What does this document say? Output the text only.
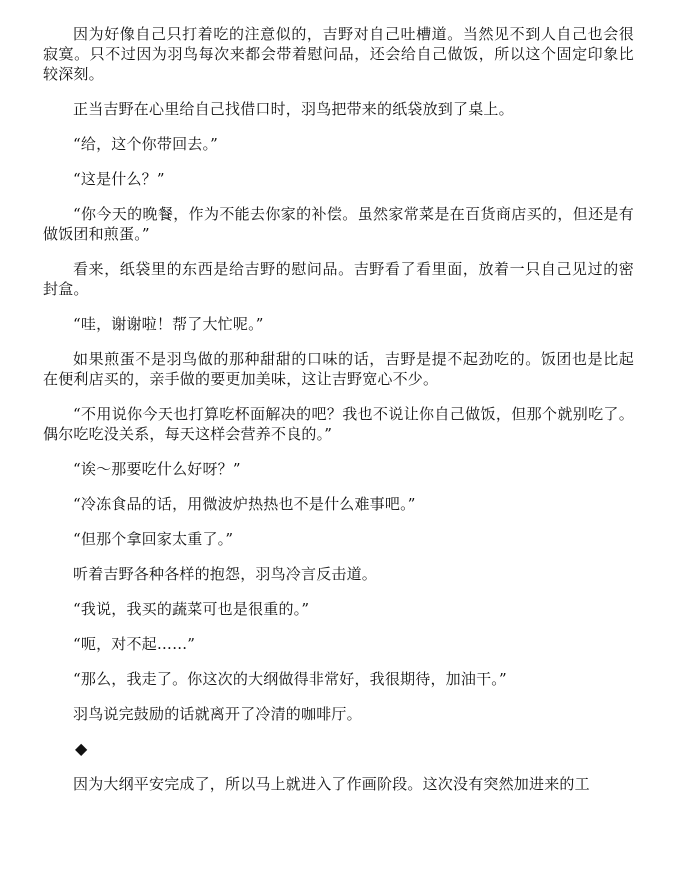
因为好像自己只打着吃的注意似的，吉野对自己吐槽道。当然见不到人自己也会很寂寞。只不过因为羽鸟每次来都会带着慰问品，还会给自己做饭，所以这个固定印象比较深刻。

正当吉野在心里给自己找借口时，羽鸟把带来的纸袋放到了桌上。

“给，这个你带回去。”

“这是什么？”

“你今天的晚餐，作为不能去你家的补偿。虽然家常菜是在百货商店买的，但还是有做饭团和煎蛋。”

看来，纸袋里的东西是给吉野的慰问品。吉野看了看里面，放着一只自己见过的密封盒。

“哇，谢谢啦！帮了大忙呢。”

如果煎蛋不是羽鸟做的那种甜甜的口味的话，吉野是提不起劲吃的。饭团也是比起在便利店买的，亲手做的要更加美味，这让吉野宽心不少。

“不用说你今天也打算吃杯面解决的吧？我也不说让你自己做饭，但那个就别吃了。偶尔吃吃没关系，每天这样会营养不良的。”

“诶～那要吃什么好呀？”

“冷冻食品的话，用微波炉热热也不是什么难事吧。”

“但那个拿回家太重了。”

听着吉野各种各样的抱怨，羽鸟冷言反击道。

“我说，我买的蔬菜可也是很重的。”

“呃，对不起……”

“那么，我走了。你这次的大纲做得非常好，我很期待，加油干。”

羽鸟说完鼓励的话就离开了冷清的咖啡厅。

◆

因为大纲平安完成了，所以马上就进入了作画阶段。这次没有突然加进来的工
